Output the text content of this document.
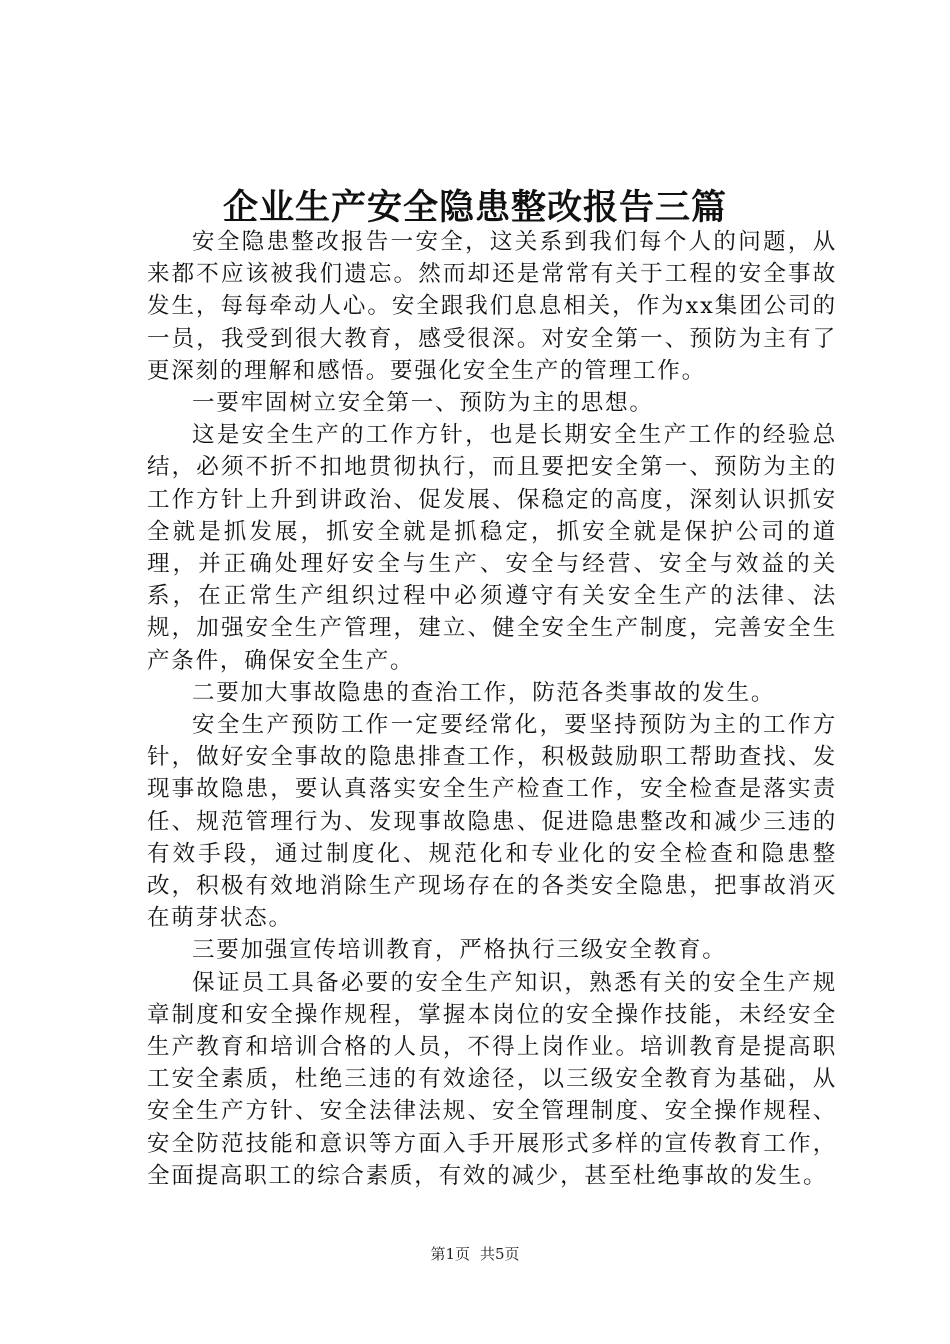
企业生产安全隐患整改报告三篇

安全隐患整改报告一安全，这关系到我们每个人的问题，从来都不应该被我们遗忘。然而却还是常常有关于工程的安全事故发生，每每牵动人心。安全跟我们息息相关，作为xx集团公司的一员，我受到很大教育，感受很深。对安全第一、预防为主有了更深刻的理解和感悟。要强化安全生产的管理工作。

一要牢固树立安全第一、预防为主的思想。

这是安全生产的工作方针，也是长期安全生产工作的经验总结，必须不折不扣地贯彻执行，而且要把安全第一、预防为主的工作方针上升到讲政治、促发展、保稳定的高度，深刻认识抓安全就是抓发展，抓安全就是抓稳定，抓安全就是保护公司的道理，并正确处理好安全与生产、安全与经营、安全与效益的关系，在正常生产组织过程中必须遵守有关安全生产的法律、法规，加强安全生产管理，建立、健全安全生产制度，完善安全生产条件，确保安全生产。

二要加大事故隐患的查治工作，防范各类事故的发生。

安全生产预防工作一定要经常化，要坚持预防为主的工作方针，做好安全事故的隐患排查工作，积极鼓励职工帮助查找、发现事故隐患，要认真落实安全生产检查工作，安全检查是落实责任、规范管理行为、发现事故隐患、促进隐患整改和减少三违的有效手段，通过制度化、规范化和专业化的安全检查和隐患整改，积极有效地消除生产现场存在的各类安全隐患，把事故消灭在萌芽状态。

三要加强宣传培训教育，严格执行三级安全教育。

保证员工具备必要的安全生产知识，熟悉有关的安全生产规章制度和安全操作规程，掌握本岗位的安全操作技能，未经安全生产教育和培训合格的人员，不得上岗作业。培训教育是提高职工安全素质，杜绝三违的有效途径，以三级安全教育为基础，从安全生产方针、安全法律法规、安全管理制度、安全操作规程、安全防范技能和意识等方面入手开展形式多样的宣传教育工作，全面提高职工的综合素质，有效的减少，甚至杜绝事故的发生。

第1页 共5页
